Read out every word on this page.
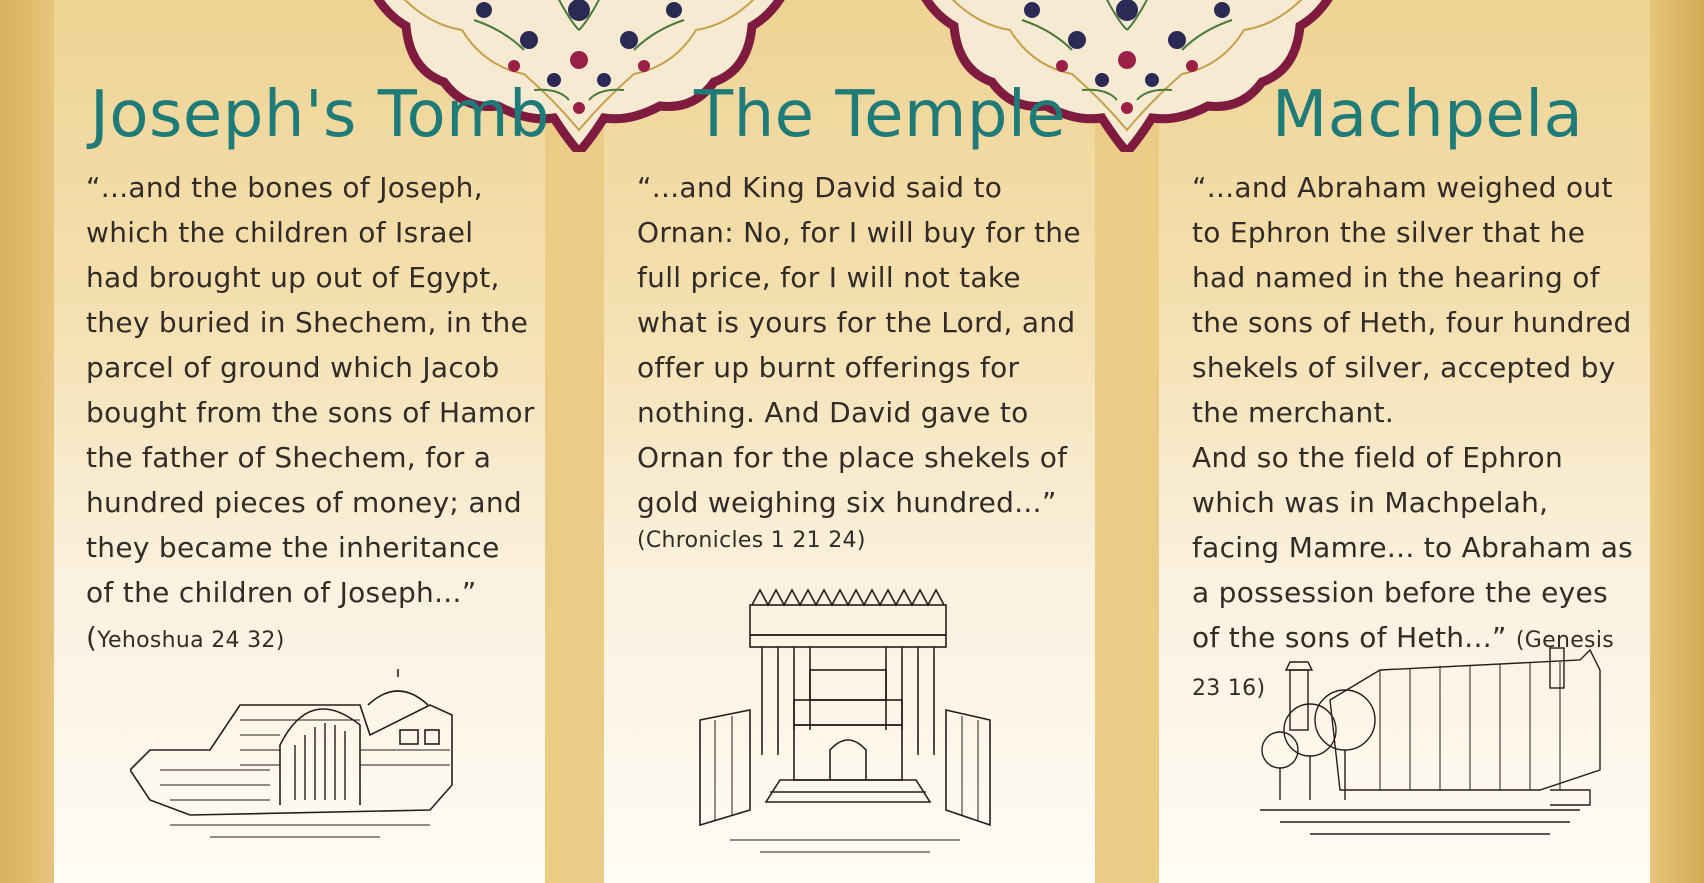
Joseph's Tomb The Temple	Machpela

“...and the bones of Joseph, which the children of Israel had brought up out of Egypt, they buried in Shechem, in the parcel of ground which Jacob bought from the sons of Hamor the father of Shechem, for a hundred pieces of money; and they became the inheritance of the children of Joseph...” (Yehoshua 24 32)

“...and King David said to Ornan: No, for I will buy for the full price, for I will not take what is yours for the Lord, and offer up burnt offerings for nothing. And David gave to Ornan for the place shekels of gold weighing six hundred...”
(Chronicles 1 21 24)

“...and Abraham weighed out to Ephron the silver that he had named in the hearing of the sons of Heth, four hundred shekels of silver, accepted by the merchant.
And so the field of Ephron which was in Machpelah, facing Mamre... to Abraham as a possession before the eyes of the sons of Heth...” (Genesis 23 16)
